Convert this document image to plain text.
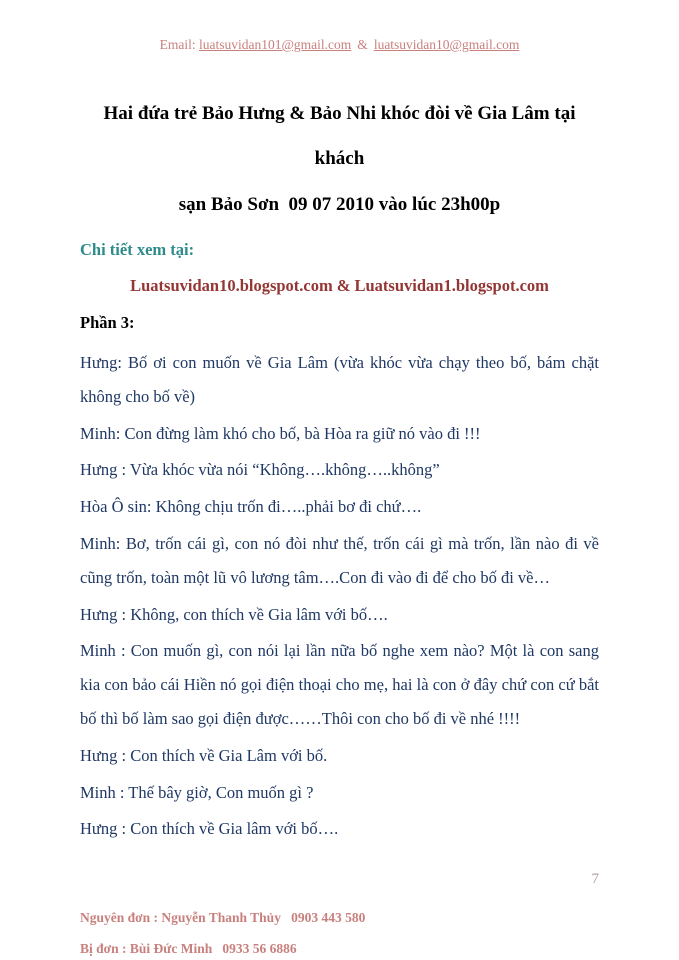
Email: luatsuvidan101@gmail.com & luatsuvidan10@gmail.com
Hai đứa trẻ Bảo Hưng & Bảo Nhi khóc đòi về Gia Lâm tại khách
sạn Bảo Sơn  09 07 2010 vào lúc 23h00p
Chi tiết xem tại:
Luatsuvidan10.blogspot.com & Luatsuvidan1.blogspot.com
Phần 3:

Hưng: Bố ơi con muốn về Gia Lâm (vừa khóc vừa chạy theo bố, bám chặt không cho bố về)

Minh: Con đừng làm khó cho bố, bà Hòa ra giữ nó vào đi !!!

Hưng : Vừa khóc vừa nói “Không….không…..không”

Hòa Ô sin: Không chịu trốn đi…..phải bơ đi chứ….

Minh: Bơ, trốn cái gì, con nó đòi như thế, trốn cái gì mà trốn, lần nào đi về cũng trốn, toàn một lũ vô lương tâm….Con đi vào đi để cho bố đi về…

Hưng : Không, con thích về Gia lâm với bố….

Minh : Con muốn gì, con nói lại lần nữa bố nghe xem nào? Một là con sang kia con bảo cái Hiền nó gọi điện thoại cho mẹ, hai là con ở đây chứ con cứ bắt bố thì bố làm sao gọi điện được……Thôi con cho bố đi về nhé !!!!

Hưng : Con thích về Gia Lâm với bố.

Minh : Thế bây giờ, Con muốn gì ?

Hưng : Con thích về Gia lâm với bố….

7
Nguyên đơn : Nguyễn Thanh Thủy   0903 443 580
Bị đơn : Bùi Đức Minh   0933 56 6886
